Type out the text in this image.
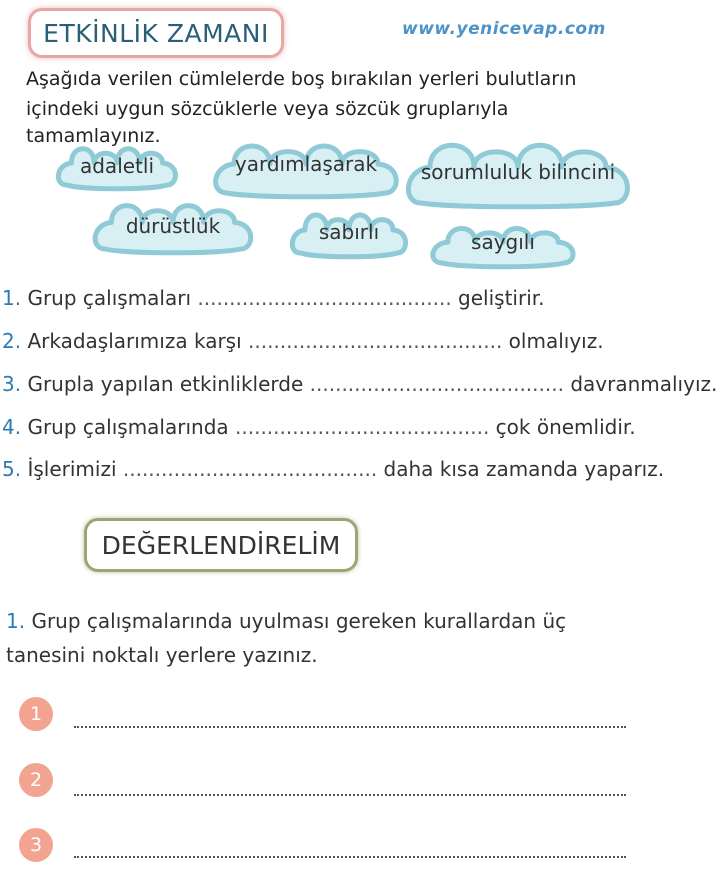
ETKİNLİK ZAMANI	www.yenicevap.com
Aşağıda verilen cümlelerde boş bırakılan yerleri bulutların
içindeki uygun sözcüklerle veya sözcük gruplarıyla tamamlayınız.
adaletli	yardımlaşarak	sorumluluk bilincini
dürüstlük	sabırlı	saygılı
1. Grup çalışmaları ........................................ geliştirir.
2. Arkadaşlarımıza karşı ........................................ olmalıyız.
3. Grupla yapılan etkinliklerde ........................................ davranmalıyız.
4. Grup çalışmalarında ........................................ çok önemlidir.
5. İşlerimizi ........................................ daha kısa zamanda yaparız.
DEĞERLENDİRELİM
1. Grup çalışmalarında uyulması gereken kurallardan üç
tanesini noktalı yerlere yazınız.
1
2
3
